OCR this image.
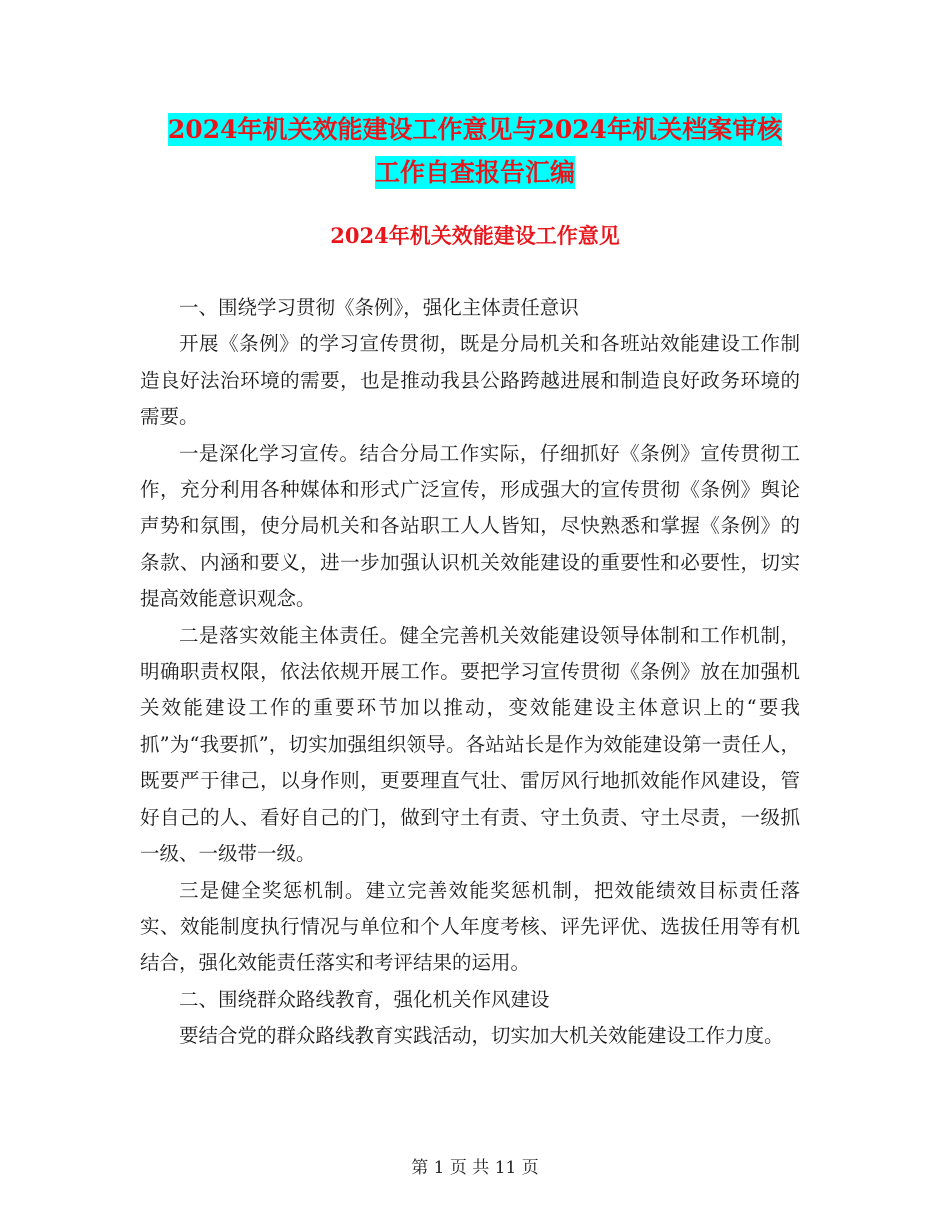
2024年机关效能建设工作意见与2024年机关档案审核
工作自查报告汇编
2024年机关效能建设工作意见

一、围绕学习贯彻《条例》，强化主体责任意识

开展《条例》的学习宣传贯彻，既是分局机关和各班站效能建设工作制造良好法治环境的需要，也是推动我县公路跨越进展和制造良好政务环境的需要。

一是深化学习宣传。结合分局工作实际，仔细抓好《条例》宣传贯彻工作，充分利用各种媒体和形式广泛宣传，形成强大的宣传贯彻《条例》舆论声势和氛围，使分局机关和各站职工人人皆知，尽快熟悉和掌握《条例》的条款、内涵和要义，进一步加强认识机关效能建设的重要性和必要性，切实提高效能意识观念。

二是落实效能主体责任。健全完善机关效能建设领导体制和工作机制，明确职责权限，依法依规开展工作。要把学习宣传贯彻《条例》放在加强机关效能建设工作的重要环节加以推动，变效能建设主体意识上的“要我抓”为“我要抓”，切实加强组织领导。各站站长是作为效能建设第一责任人，既要严于律己，以身作则，更要理直气壮、雷厉风行地抓效能作风建设，管好自己的人、看好自己的门，做到守土有责、守土负责、守土尽责，一级抓一级、一级带一级。

三是健全奖惩机制。建立完善效能奖惩机制，把效能绩效目标责任落实、效能制度执行情况与单位和个人年度考核、评先评优、选拔任用等有机结合，强化效能责任落实和考评结果的运用。

二、围绕群众路线教育，强化机关作风建设

要结合党的群众路线教育实践活动，切实加大机关效能建设工作力度。

第 1 页 共 11 页
